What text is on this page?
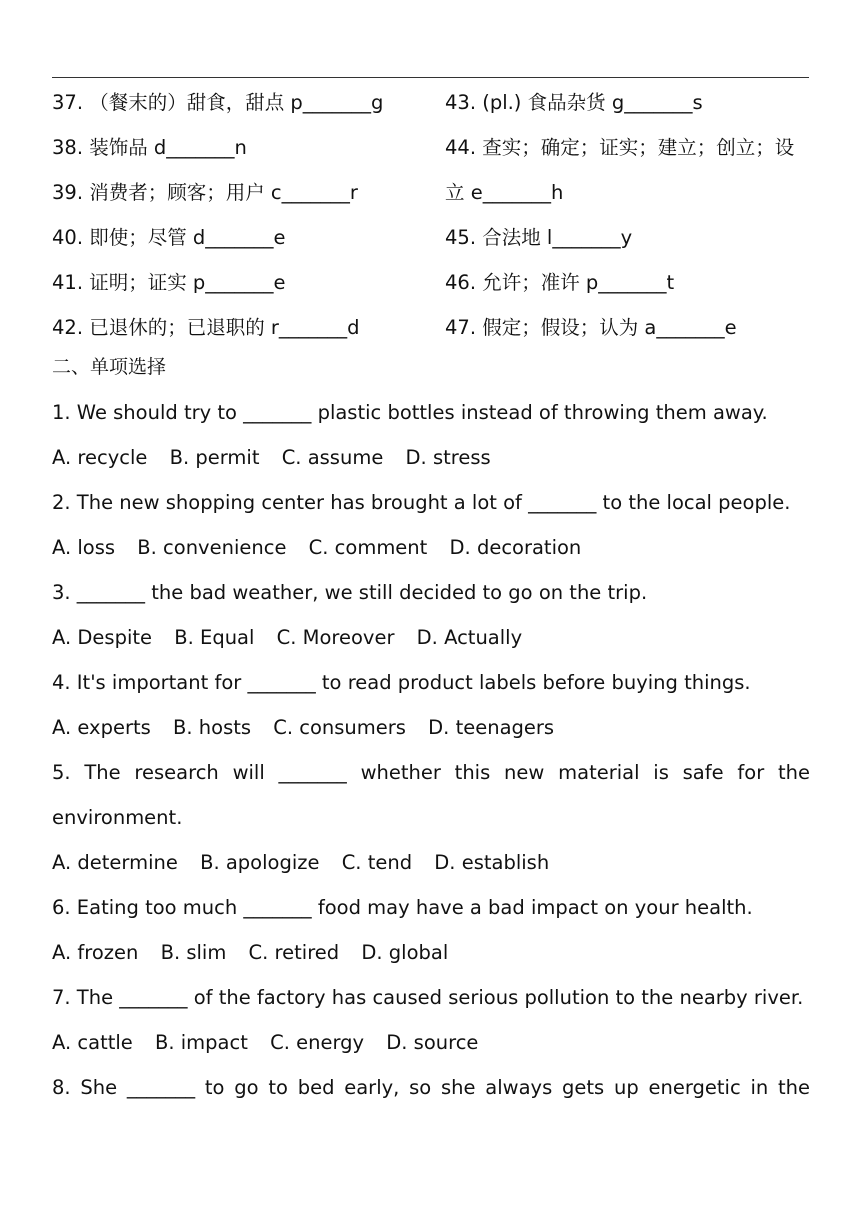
37. （餐末的）甜食，甜点 p_______g
38. 装饰品 d_______n
39. 消费者；顾客；用户 c_______r
40. 即使；尽管 d_______e
41. 证明；证实 p_______e
42. 已退休的；已退职的 r_______d
43. (pl.) 食品杂货 g_______s
44. 查实；确定；证实；建立；创立；设
立 e_______h
45. 合法地 l_______y
46. 允许；准许 p_______t
47. 假定；假设；认为 a_______e
二、单项选择
1. We should try to _______ plastic bottles instead of throwing them away.
A. recycle B. permit C. assume D. stress
2. The new shopping center has brought a lot of _______ to the local people.
A. loss B. convenience C. comment D. decoration
3. _______ the bad weather, we still decided to go on the trip.
A. Despite B. Equal C. Moreover D. Actually
4. It's important for _______ to read product labels before buying things.
A. experts B. hosts C. consumers D. teenagers
5. The research will _______ whether this new material is safe for the
environment.
A. determine B. apologize C. tend D. establish
6. Eating too much _______ food may have a bad impact on your health.
A. frozen B. slim C. retired D. global
7. The _______ of the factory has caused serious pollution to the nearby river.
A. cattle B. impact C. energy D. source
8. She _______ to go to bed early, so she always gets up energetic in the
